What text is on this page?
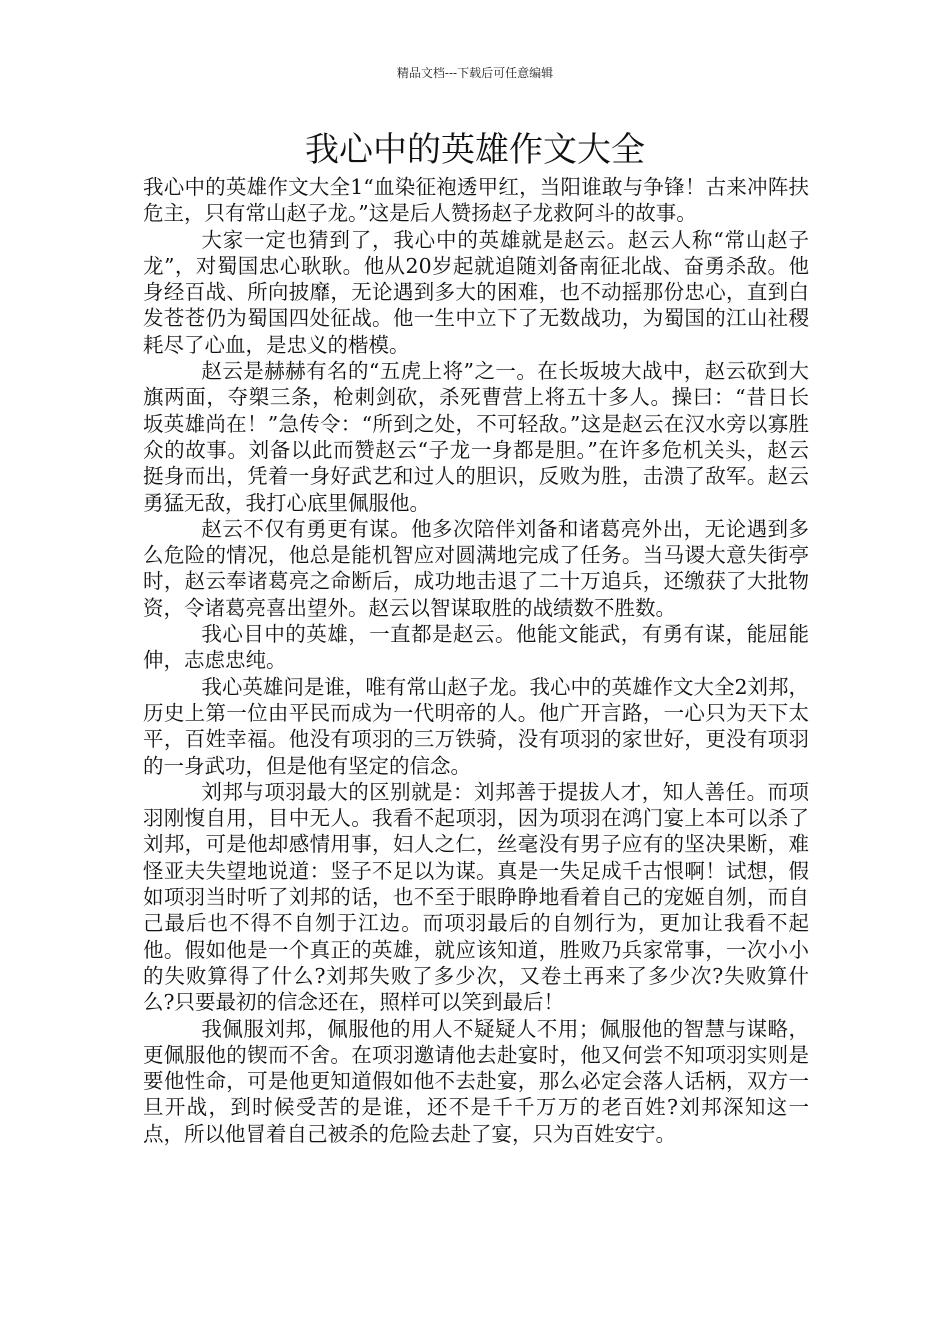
精品文档---下载后可任意编辑
我心中的英雄作文大全

我心中的英雄作文大全1“血染征袍透甲红，当阳谁敢与争锋！古来冲阵扶危主，只有常山赵子龙。”这是后人赞扬赵子龙救阿斗的故事。

大家一定也猜到了，我心中的英雄就是赵云。赵云人称“常山赵子龙”，对蜀国忠心耿耿。他从20岁起就追随刘备南征北战、奋勇杀敌。他身经百战、所向披靡，无论遇到多大的困难，也不动摇那份忠心，直到白发苍苍仍为蜀国四处征战。他一生中立下了无数战功，为蜀国的江山社稷耗尽了心血，是忠义的楷模。

赵云是赫赫有名的“五虎上将”之一。在长坂坡大战中，赵云砍到大旗两面，夺槊三条，枪刺剑砍，杀死曹营上将五十多人。操曰：“昔日长坂英雄尚在！”急传令：“所到之处，不可轻敌。”这是赵云在汉水旁以寡胜众的故事。刘备以此而赞赵云“子龙一身都是胆。”在许多危机关头，赵云挺身而出，凭着一身好武艺和过人的胆识，反败为胜，击溃了敌军。赵云勇猛无敌，我打心底里佩服他。

赵云不仅有勇更有谋。他多次陪伴刘备和诸葛亮外出，无论遇到多么危险的情况，他总是能机智应对圆满地完成了任务。当马谡大意失街亭时，赵云奉诸葛亮之命断后，成功地击退了二十万追兵，还缴获了大批物资，令诸葛亮喜出望外。赵云以智谋取胜的战绩数不胜数。

我心目中的英雄，一直都是赵云。他能文能武，有勇有谋，能屈能伸，志虑忠纯。

我心英雄问是谁，唯有常山赵子龙。我心中的英雄作文大全2刘邦，历史上第一位由平民而成为一代明帝的人。他广开言路，一心只为天下太平，百姓幸福。他没有项羽的三万铁骑，没有项羽的家世好，更没有项羽的一身武功，但是他有坚定的信念。

刘邦与项羽最大的区别就是：刘邦善于提拔人才，知人善任。而项羽刚愎自用，目中无人。我看不起项羽，因为项羽在鸿门宴上本可以杀了刘邦，可是他却感情用事，妇人之仁，丝毫没有男子应有的坚决果断，难怪亚夫失望地说道：竖子不足以为谋。真是一失足成千古恨啊！试想，假如项羽当时听了刘邦的话，也不至于眼睁睁地看着自己的宠姬自刎，而自己最后也不得不自刎于江边。而项羽最后的自刎行为，更加让我看不起他。假如他是一个真正的英雄，就应该知道，胜败乃兵家常事，一次小小的失败算得了什么?刘邦失败了多少次，又卷土再来了多少次?失败算什么?只要最初的信念还在，照样可以笑到最后！

我佩服刘邦，佩服他的用人不疑疑人不用；佩服他的智慧与谋略，更佩服他的锲而不舍。在项羽邀请他去赴宴时，他又何尝不知项羽实则是要他性命，可是他更知道假如他不去赴宴，那么必定会落人话柄，双方一旦开战，到时候受苦的是谁，还不是千千万万的老百姓?刘邦深知这一点，所以他冒着自己被杀的危险去赴了宴，只为百姓安宁。
